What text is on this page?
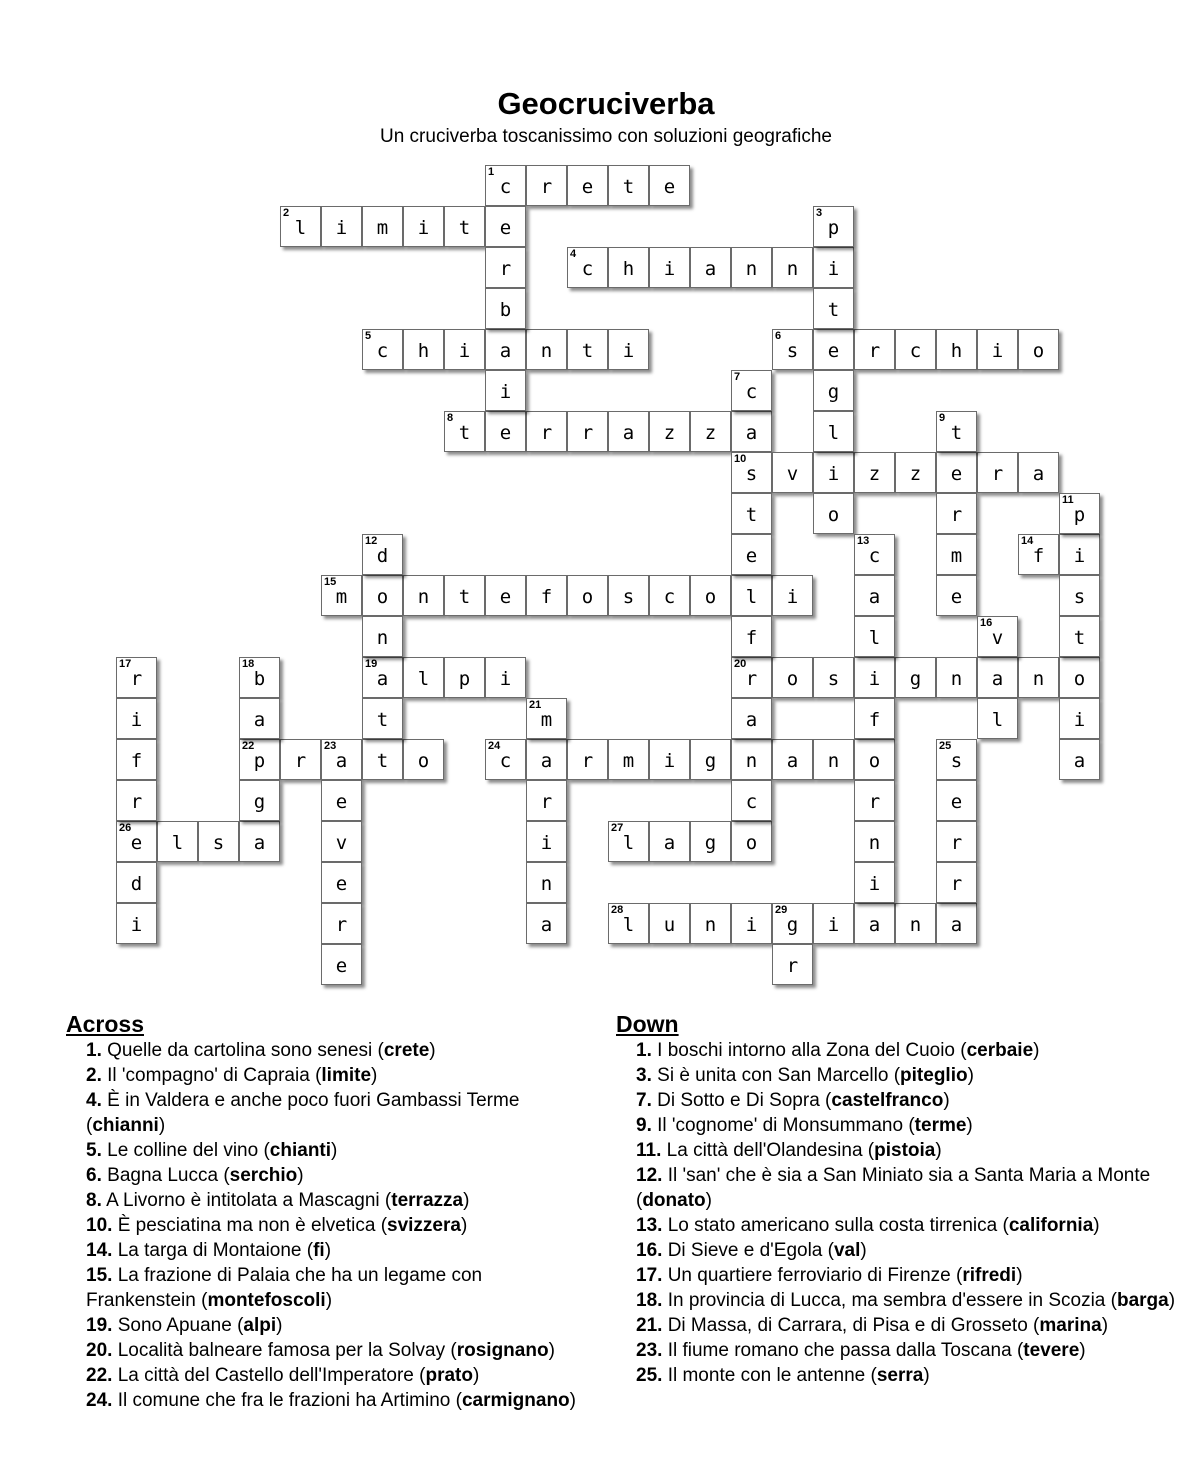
Geocruciverba

Un cruciverba toscanissimo con soluzioni geografiche

1
c r e t e
2
l i m i t e
4
c h i a n n i
5
c h i a n t i
6
s e r c h i o
8
t e r r a z z a
10
s v i z z e r a
14
f i
15
m o n t e f o s c o l i
19
a l p i
20
r o s i g n a n o
22
p r
23
a t o
24
c a r m i g n a n o
26
e l s a
27
l a g o
28
l u n i
29
g i a n a
r
b
i
3
p
t
g
l
o
7
c
t
e
f
a
c
9
t
r
m
e
11
p
s
t
i
a
12
d
n
t
13
c
a
l
f
r
n
i
16
v
l
17
r
i
f
r
d
i
18
b
a
g
21
m
r
i
n
a
e
v
e
r
e
25
s
e
r
r
r
Across
1. Quelle da cartolina sono senesi (crete)
2. Il 'compagno' di Capraia (limite)
4. È in Valdera e anche poco fuori Gambassi Terme (chianni)
5. Le colline del vino (chianti)
6. Bagna Lucca (serchio)
8. A Livorno è intitolata a Mascagni (terrazza)
10. È pesciatina ma non è elvetica (svizzera)
14. La targa di Montaione (fi)
15. La frazione di Palaia che ha un legame con Frankenstein (montefoscoli)
19. Sono Apuane (alpi)
20. Località balneare famosa per la Solvay (rosignano)
22. La città del Castello dell'Imperatore (prato)
24. Il comune che fra le frazioni ha Artimino (carmignano)
Down
1. I boschi intorno alla Zona del Cuoio (cerbaie)
3. Si è unita con San Marcello (piteglio)
7. Di Sotto e Di Sopra (castelfranco)
9. Il 'cognome' di Monsummano (terme)
11. La città dell'Olandesina (pistoia)
12. Il 'san' che è sia a San Miniato sia a Santa Maria a Monte (donato)
13. Lo stato americano sulla costa tirrenica (california)
16. Di Sieve e d'Egola (val)
17. Un quartiere ferroviario di Firenze (rifredi)
18. In provincia di Lucca, ma sembra d'essere in Scozia (barga)
21. Di Massa, di Carrara, di Pisa e di Grosseto (marina)
23. Il fiume romano che passa dalla Toscana (tevere)
25. Il monte con le antenne (serra)
